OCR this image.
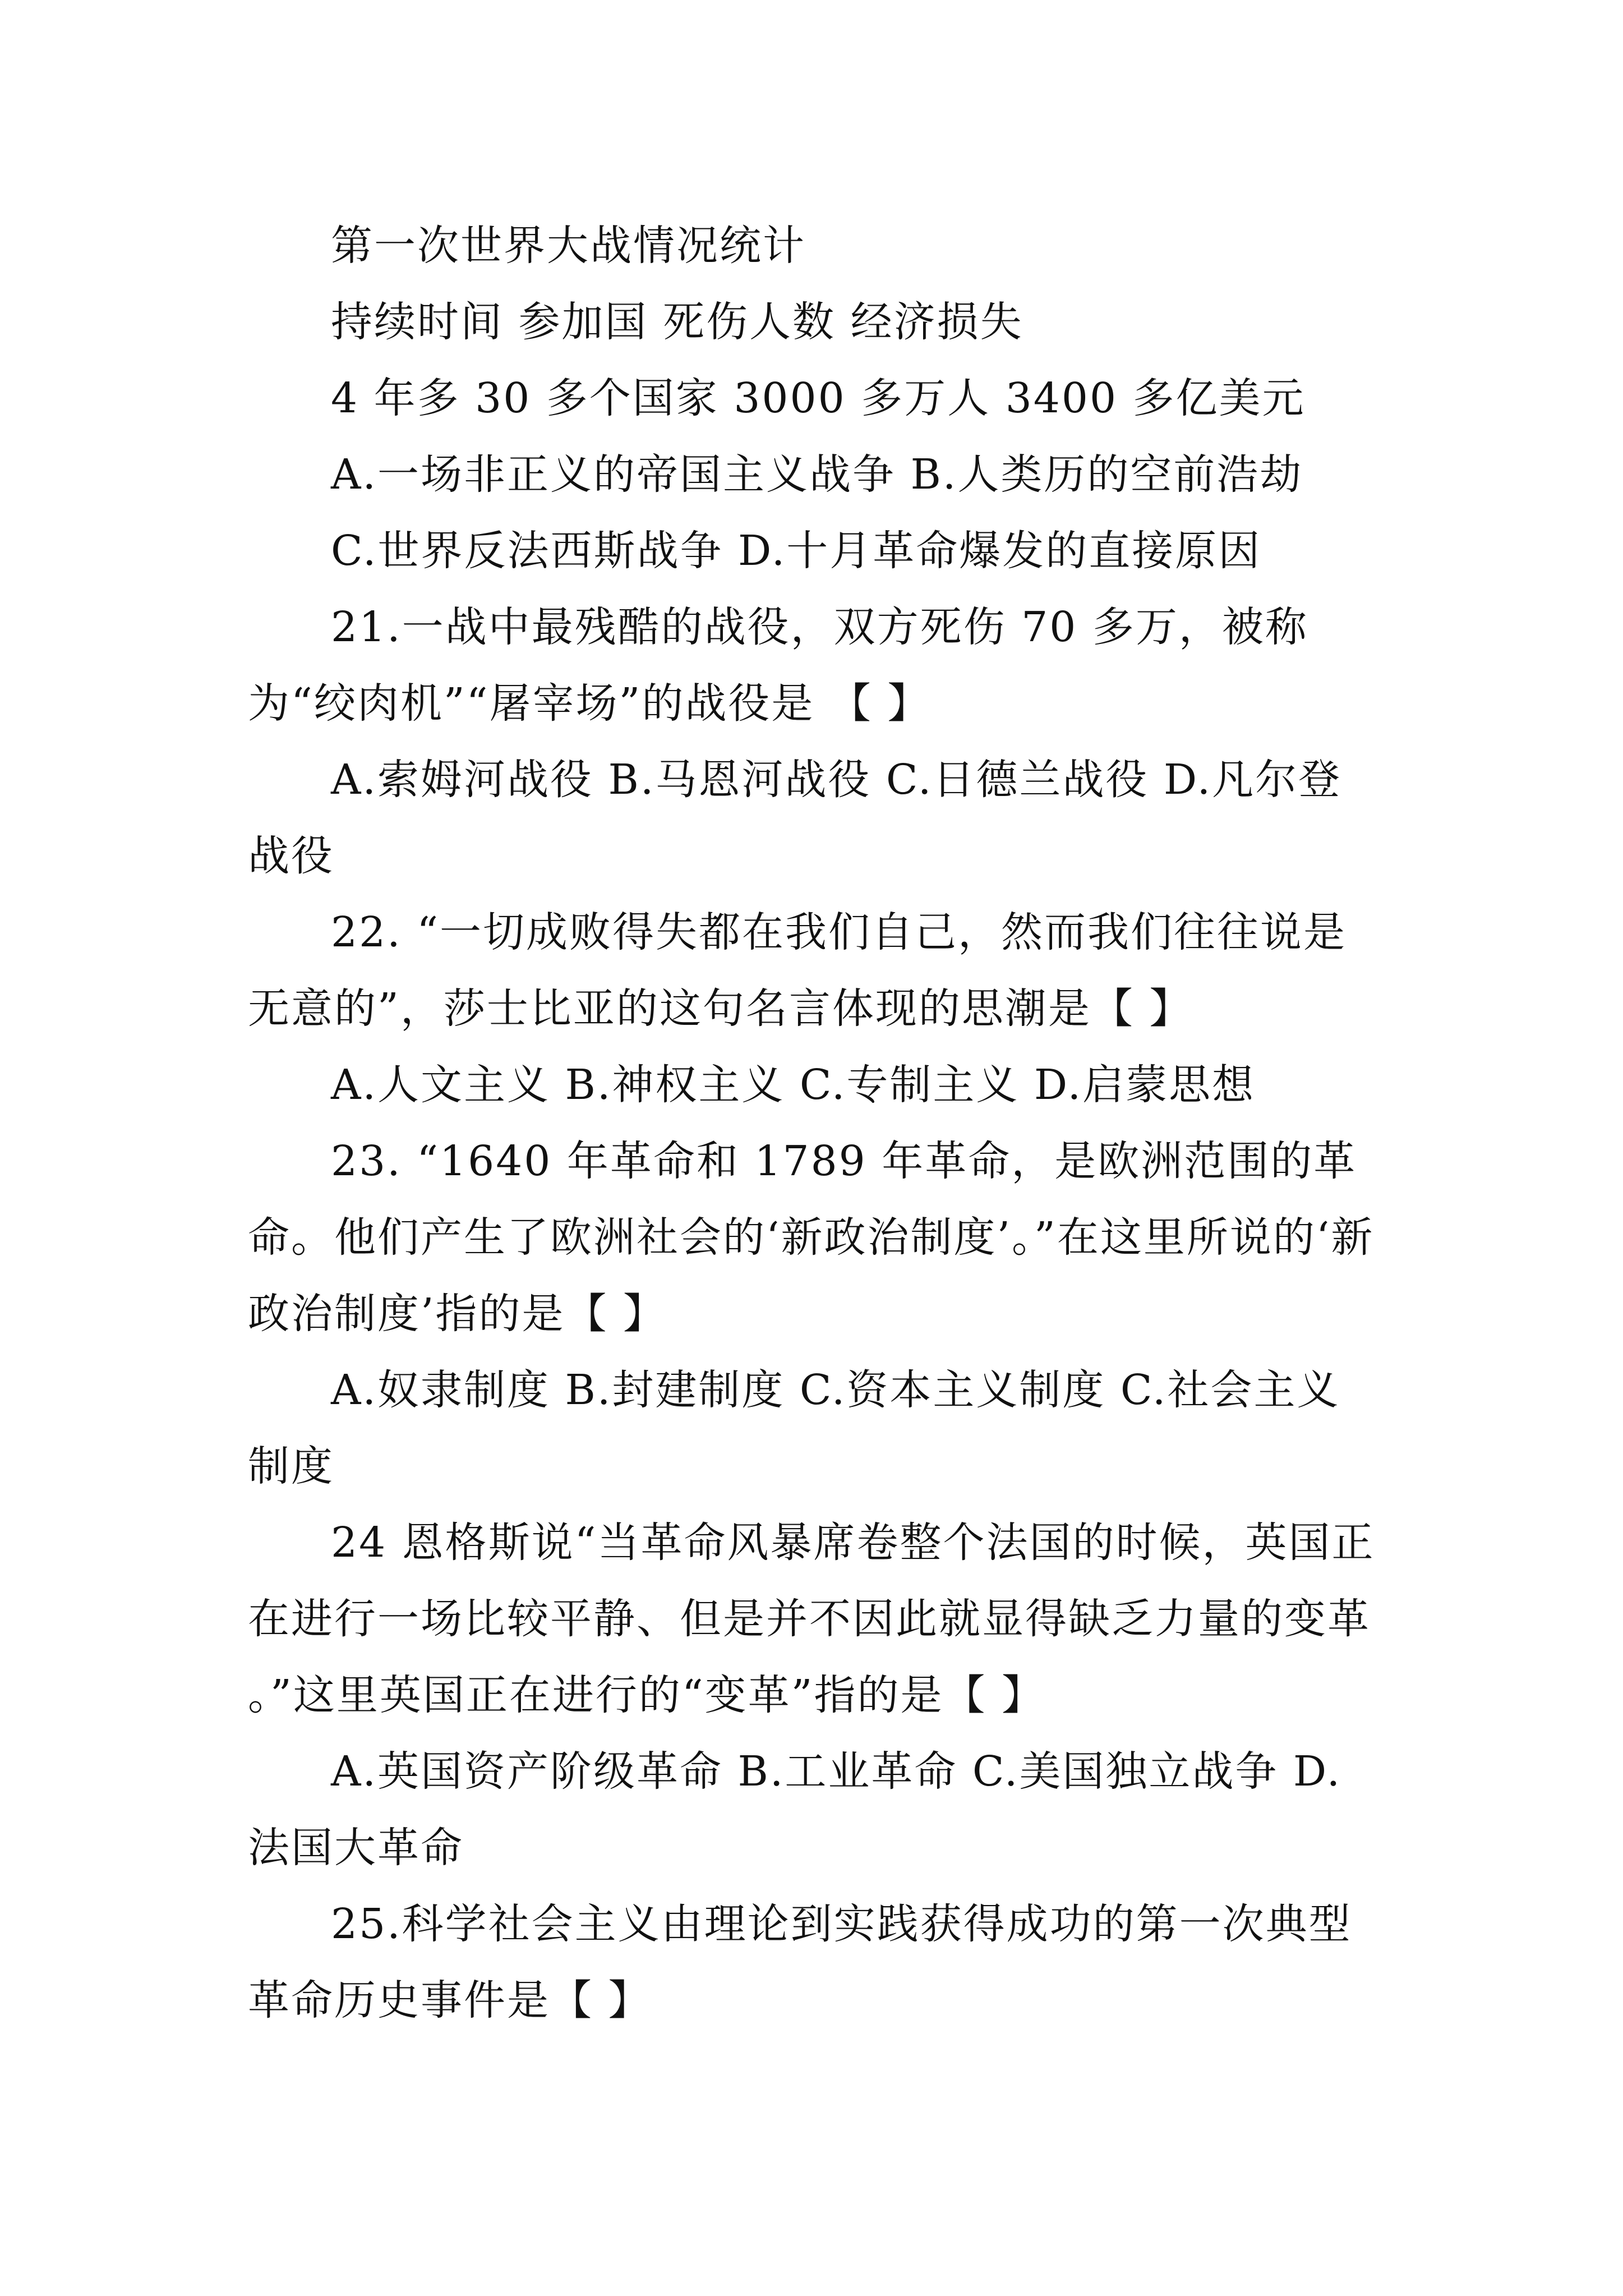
第一次世界大战情况统计

持续时间 参加国 死伤人数 经济损失

4 年多 30 多个国家 3000 多万人 3400 多亿美元

A.一场非正义的帝国主义战争 B.人类历的空前浩劫

C.世界反法西斯战争 D.十月革命爆发的直接原因

21.一战中最残酷的战役，双方死伤 70 多万，被称为“绞肉机”“屠宰场”的战役是 【 】

A.索姆河战役 B.马恩河战役 C.日德兰战役 D.凡尔登战役

22. “一切成败得失都在我们自己，然而我们往往说是无意的”，莎士比亚的这句名言体现的思潮是【 】

A.人文主义 B.神权主义 C.专制主义 D.启蒙思想

23. “1640 年革命和 1789 年革命，是欧洲范围的革命。他们产生了欧洲社会的‘新政治制度’。”在这里所说的‘新政治制度’指的是【 】

A.奴隶制度 B.封建制度 C.资本主义制度 C.社会主义制度

24 恩格斯说“当革命风暴席卷整个法国的时候，英国正在进行一场比较平静、但是并不因此就显得缺乏力量的变革 。”这里英国正在进行的“变革”指的是【 】

A.英国资产阶级革命 B.工业革命 C.美国独立战争 D.法国大革命

25.科学社会主义由理论到实践获得成功的第一次典型革命历史事件是【 】
